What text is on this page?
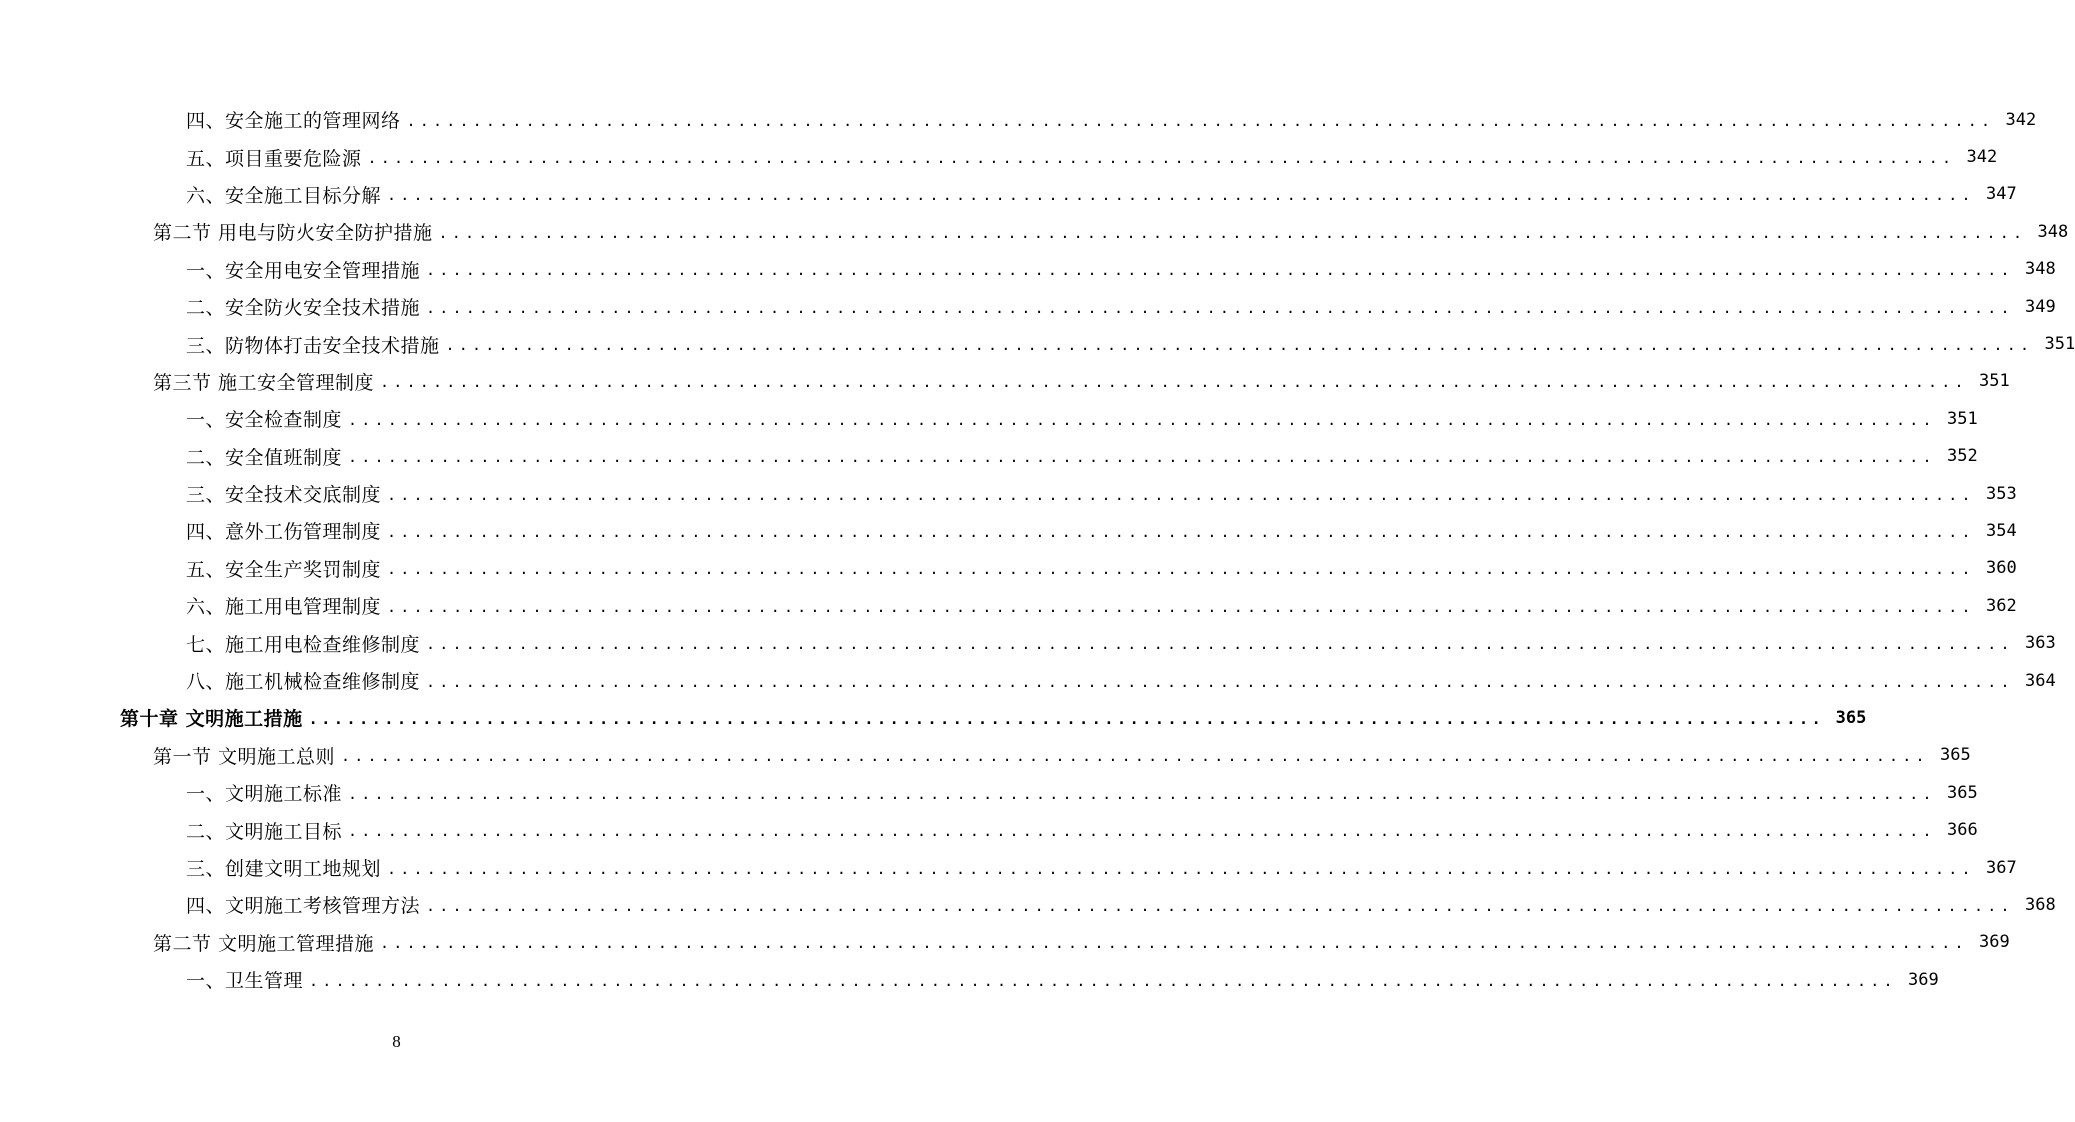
四、安全施工的管理网络 ........................................................................................................................ 342
五、项目重要危险源 ........................................................................................................................ 342
六、安全施工目标分解 ........................................................................................................................ 347
第二节 用电与防火安全防护措施 ........................................................................................................................ 348
一、安全用电安全管理措施 ........................................................................................................................ 348
二、安全防火安全技术措施 ........................................................................................................................ 349
三、防物体打击安全技术措施 ........................................................................................................................ 351
第三节 施工安全管理制度 ........................................................................................................................ 351
一、安全检查制度 ........................................................................................................................ 351
二、安全值班制度 ........................................................................................................................ 352
三、安全技术交底制度 ........................................................................................................................ 353
四、意外工伤管理制度 ........................................................................................................................ 354
五、安全生产奖罚制度 ........................................................................................................................ 360
六、施工用电管理制度 ........................................................................................................................ 362
七、施工用电检查维修制度 ........................................................................................................................ 363
八、施工机械检查维修制度 ........................................................................................................................ 364
第十章 文明施工措施 ........................................................................................................................ 365
第一节 文明施工总则 ........................................................................................................................ 365
一、文明施工标准 ........................................................................................................................ 365
二、文明施工目标 ........................................................................................................................ 366
三、创建文明工地规划 ........................................................................................................................ 367
四、文明施工考核管理方法 ........................................................................................................................ 368
第二节 文明施工管理措施 ........................................................................................................................ 369
一、卫生管理 ........................................................................................................................ 369
8
